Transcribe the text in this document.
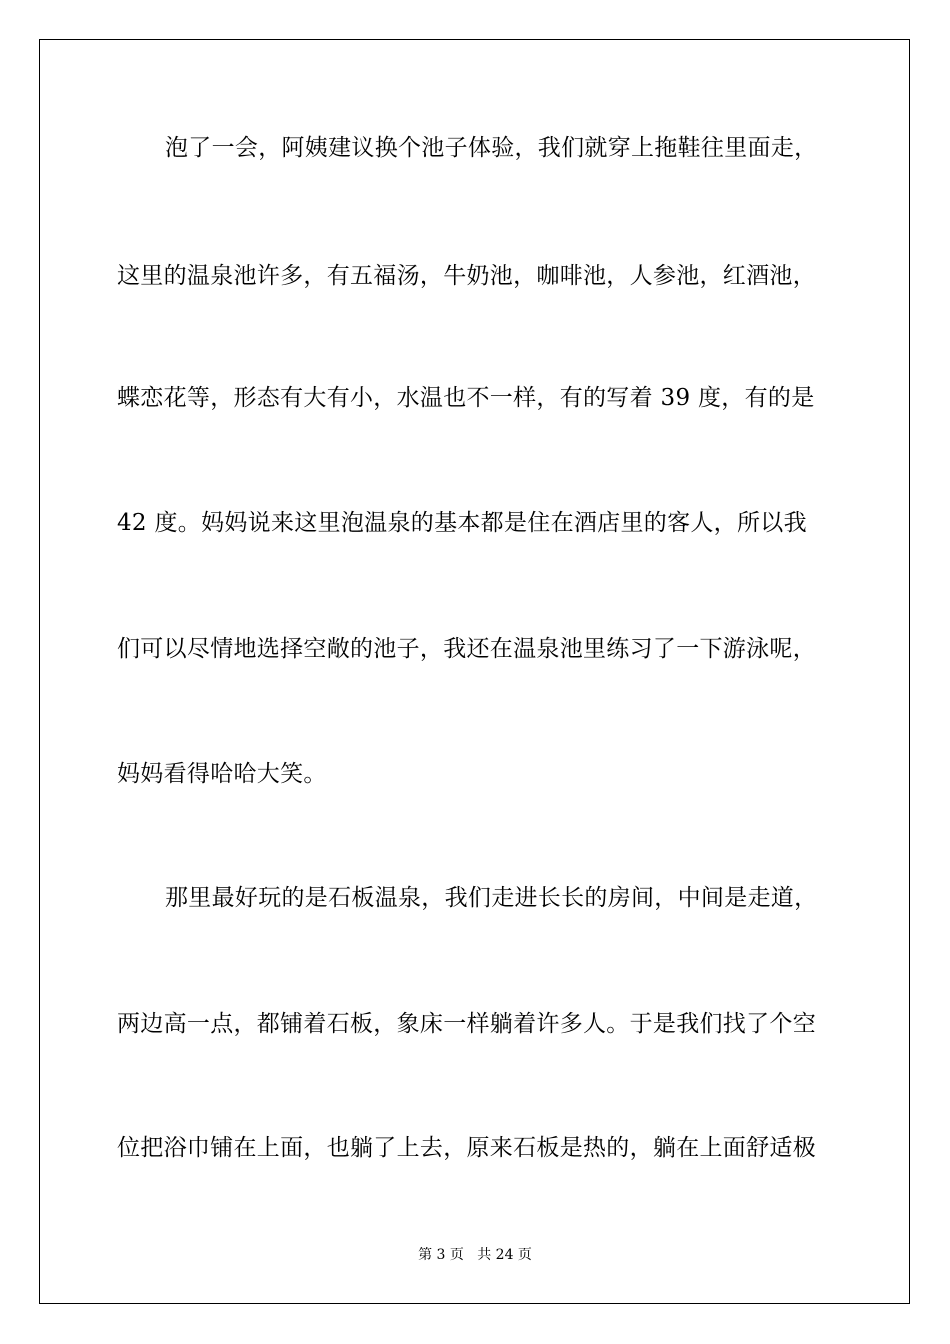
泡了一会，阿姨建议换个池子体验，我们就穿上拖鞋往里面走，
这里的温泉池许多，有五福汤，牛奶池，咖啡池，人参池，红酒池，
蝶恋花等，形态有大有小，水温也不一样，有的写着 39 度，有的是
42 度。妈妈说来这里泡温泉的基本都是住在酒店里的客人，所以我
们可以尽情地选择空敞的池子，我还在温泉池里练习了一下游泳呢，
妈妈看得哈哈大笑。
那里最好玩的是石板温泉，我们走进长长的房间，中间是走道，
两边高一点，都铺着石板，象床一样躺着许多人。于是我们找了个空
位把浴巾铺在上面，也躺了上去，原来石板是热的，躺在上面舒适极
第 3 页   共 24 页
